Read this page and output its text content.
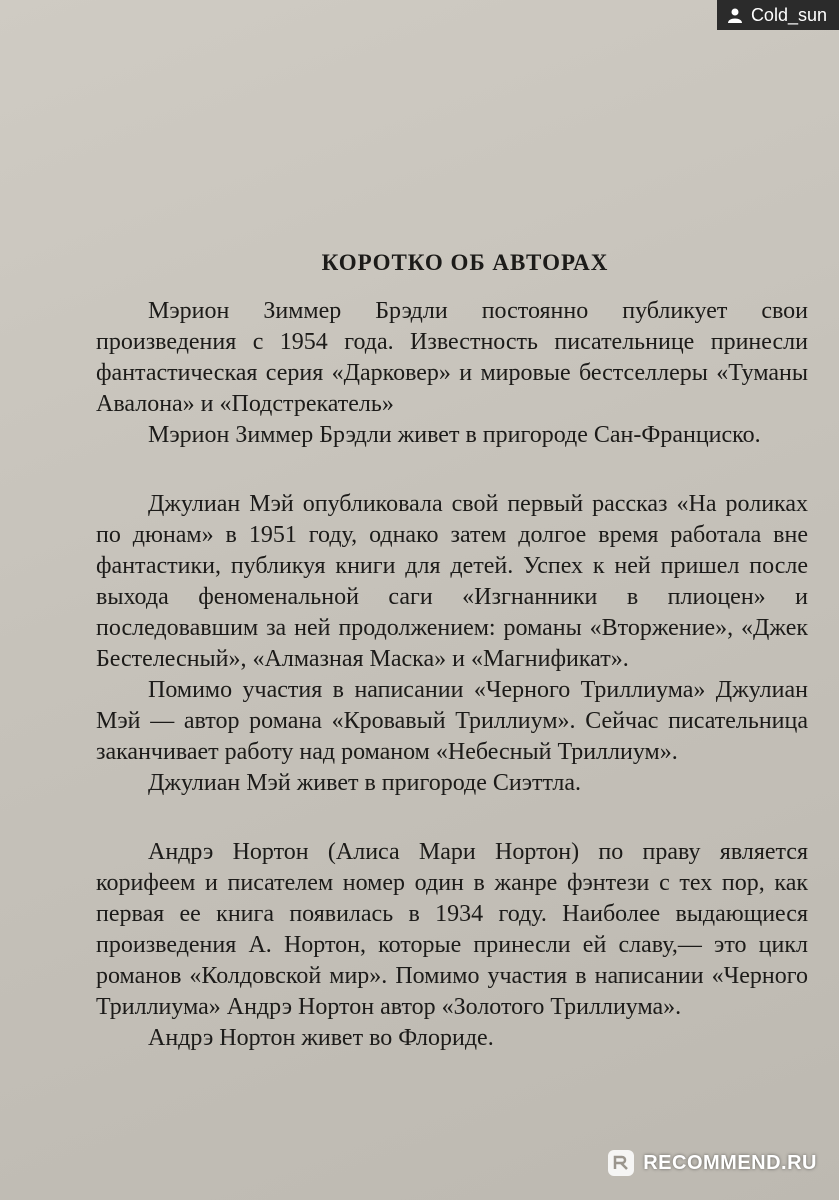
Cold_sun
КОРОТКО ОБ АВТОРАХ

Мэрион Зиммер Брэдли постоянно публикует свои произведения с 1954 года. Известность писательнице принесли фантастическая серия «Дарковер» и мировые бестселлеры «Туманы Авалона» и «Подстрекатель»

Мэрион Зиммер Брэдли живет в пригороде Сан-Франциско.

Джулиан Мэй опубликовала свой первый рассказ «На роликах по дюнам» в 1951 году, однако затем долгое время работала вне фантастики, публикуя книги для детей. Успех к ней пришел после выхода феноменальной саги «Изгнанники в плиоцен» и последовавшим за ней продолжением: романы «Вторжение», «Джек Бестелесный», «Алмазная Маска» и «Магнификат».

Помимо участия в написании «Черного Триллиума» Джулиан Мэй — автор романа «Кровавый Триллиум». Сейчас писательница заканчивает работу над романом «Небесный Триллиум».

Джулиан Мэй живет в пригороде Сиэттла.

Андрэ Нортон (Алиса Мари Нортон) по праву является корифеем и писателем номер один в жанре фэнтези с тех пор, как первая ее книга появилась в 1934 году. Наиболее выдающиеся произведения А. Нортон, которые принесли ей славу,— это цикл романов «Колдовской мир». Помимо участия в написании «Черного Триллиума» Андрэ Нортон автор «Золотого Триллиума».

Андрэ Нортон живет во Флориде.

RECOMMEND.RU
